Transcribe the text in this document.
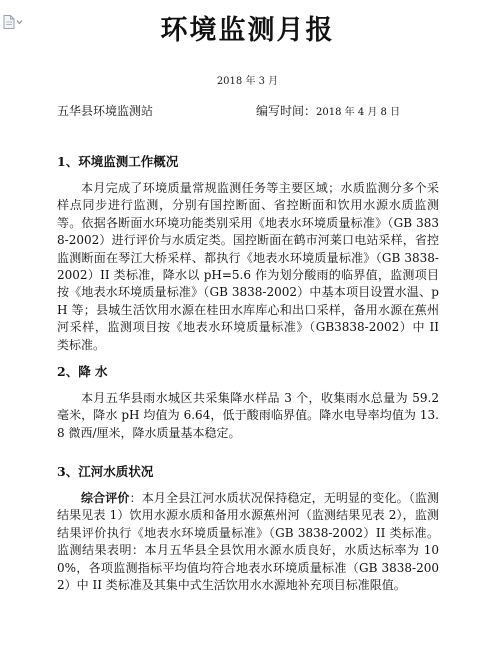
环境监测月报
2018 年 3 月
五华县环境监测站	编写时间：2018 年 4 月 8 日
1、环境监测工作概况
本月完成了环境质量常规监测任务等主要区域；水质监测分多个采样点同步进行监测，分别有国控断面、省控断面和饮用水源水质监测等。依据各断面水环境功能类别采用《地表水环境质量标准》（GB 3838-2002）进行评价与水质定类。国控断面在鹤市河莱口电站采样，省控监测断面在琴江大桥采样、都执行《地表水环境质量标准》（GB 3838-2002）II 类标准，降水以 pH=5.6 作为划分酸雨的临界值，监测项目按《地表水环境质量标准》（GB 3838-2002）中基本项目设置水温、pH 等；县城生活饮用水源在桂田水库库心和出口采样，备用水源在蕉州河采样，监测项目按《地表水环境质量标准》（GB3838-2002）中 II 类标准。
2、降 水
本月五华县雨水城区共采集降水样品 3 个，收集雨水总量为 59.2 毫米，降水 pH 均值为 6.64，低于酸雨临界值。降水电导率均值为 13.8 微西/厘米，降水质量基本稳定。
3、江河水质状况
综合评价：本月全县江河水质状况保持稳定，无明显的变化。（监测结果见表 1）饮用水源水质和备用水源蕉州河（监测结果见表 2），监测结果评价执行《地表水环境质量标准》（GB 3838-2002）II 类标准。监测结果表明：本月五华县全县饮用水源水质良好，水质达标率为 100%，各项监测指标平均值均符合地表水环境质量标准（GB 3838-2002）中 II 类标准及其集中式生活饮用水水源地补充项目标准限值。
